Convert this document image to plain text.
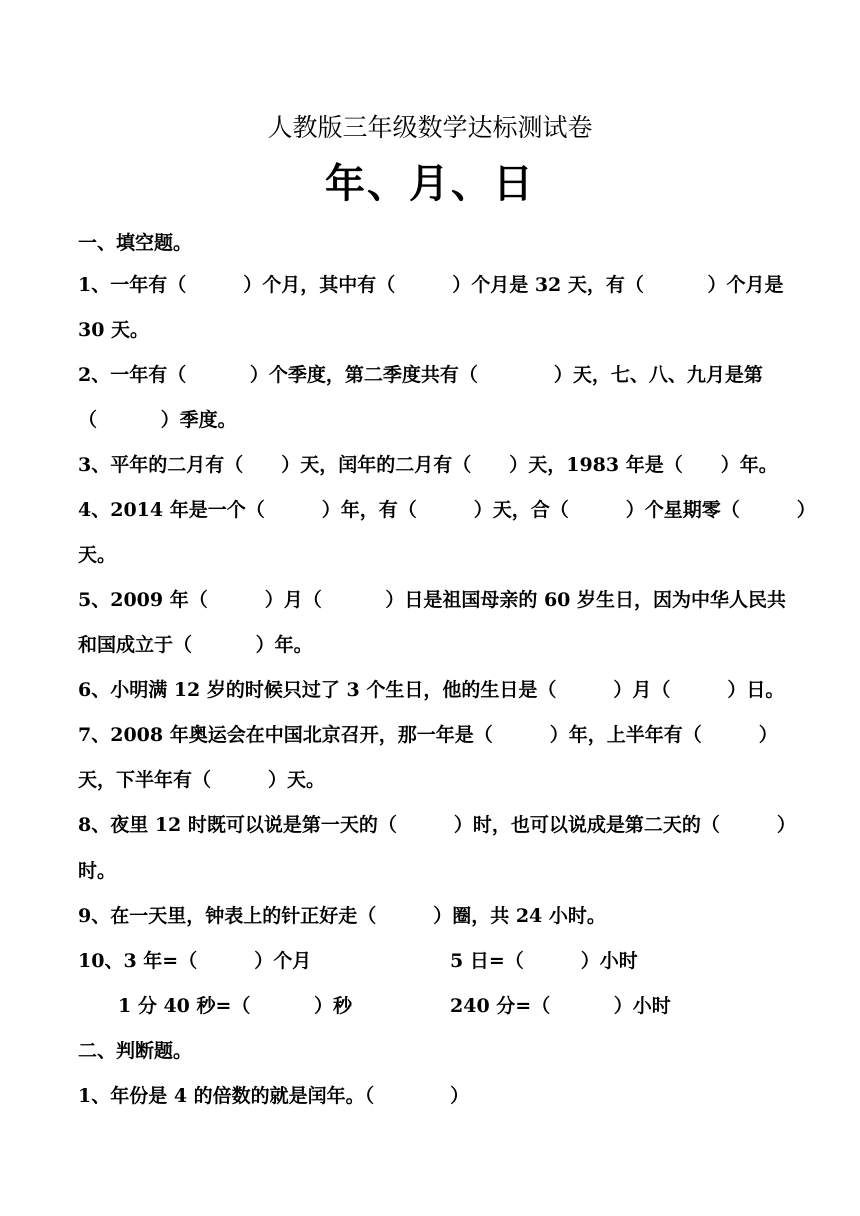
人教版三年级数学达标测试卷
年、月、日
一、填空题。
1、一年有（　　　）个月，其中有（　　　）个月是 32 天，有（　　　 ）个月是
30 天。
2、一年有（　　　 ）个季度，第二季度共有（　　　　）天，七、八、九月是第
（　　　 ）季度。
3、平年的二月有（　　）天，闰年的二月有（　　）天，1983 年是（　　）年。
4、2014 年是一个（　　　）年，有（　　　）天，合（　　　）个星期零（　　　）
天。
5、2009 年（　　　）月（　　　 ）日是祖国母亲的 60 岁生日，因为中华人民共
和国成立于（　　　 ）年。
6、小明满 12 岁的时候只过了 3 个生日，他的生日是（　　　）月（　　　）日。
7、2008 年奥运会在中国北京召开，那一年是（　　　）年，上半年有（　　　）
天，下半年有（　　　）天。
8、夜里 12 时既可以说是第一天的（　　　）时，也可以说成是第二天的（　　　）
时。
9、在一天里，钟表上的针正好走（　　　）圈，共 24 小时。
10、3 年=（　　　）个月	5 日=（　　　）小时
1 分 40 秒=（　　　 ）秒	240 分=（　　　 ）小时
二、判断题。
1、年份是 4 的倍数的就是闰年。（　　　　）
